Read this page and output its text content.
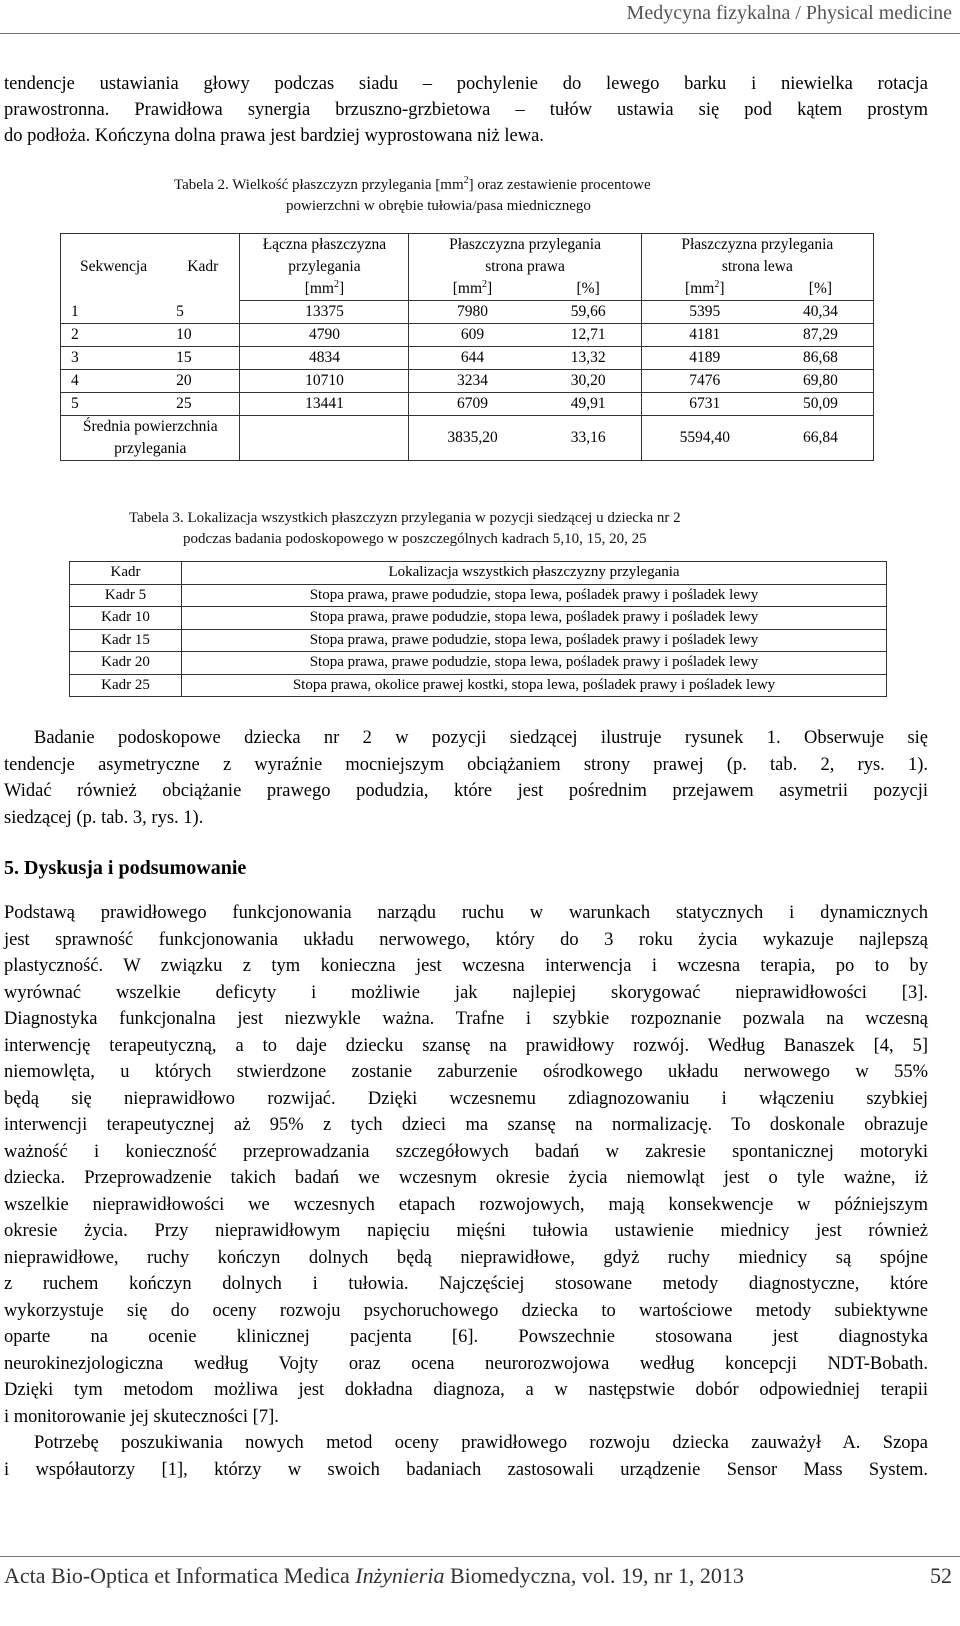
Medycyna fizykalna / Physical medicine
tendencje ustawiania głowy podczas siadu – pochylenie do lewego barku i niewielka rotacja
prawostronna. Prawidłowa synergia brzuszno-grzbietowa – tułów ustawia się pod kątem prostym
do podłoża. Kończyna dolna prawa jest bardziej wyprostowana niż lewa.
Tabela 2. Wielkość płaszczyzn przylegania $[mm^2]$ oraz zestawienie procentowe
powierzchni w obrębie tułowia/pasa miednicznego
Sekwencja	Kadr	Łączna płaszczyzna	Płaszczyzna przylegania		Płaszczyzna przylegania	
		przylegania	strona prawa		strona lewa	
		$[mm^2]$	$[mm^2]$	[%]	$[mm^2]$	[%]
1	5	13375	7980	59,66	5395	40,34
2	10	4790	609	12,71	4181	87,29
3	15	4834	644	13,32	4189	86,68
4	20	10710	3234	30,20	7476	69,80
5	25	13441	6709	49,91	6731	50,09

Średnia powierzchnia
przylegania			3835,20	33,16	5594,40	66,84
Tabela 3. Lokalizacja wszystkich płaszczyzn przylegania w pozycji siedzącej u dziecka nr 2
podczas badania podoskopowego w poszczególnych kadrach 5,10, 15, 20, 25
Kadr	Lokalizacja wszystkich płaszczyzny przylegania
Kadr 5	Stopa prawa, prawe podudzie, stopa lewa, pośladek prawy i pośladek lewy
Kadr 10	Stopa prawa, prawe podudzie, stopa lewa, pośladek prawy i pośladek lewy
Kadr 15	Stopa prawa, prawe podudzie, stopa lewa, pośladek prawy i pośladek lewy
Kadr 20	Stopa prawa, prawe podudzie, stopa lewa, pośladek prawy i pośladek lewy
Kadr 25	Stopa prawa, okolice prawej kostki, stopa lewa, pośladek prawy i pośladek lewy
Badanie podoskopowe dziecka nr 2 w pozycji siedzącej ilustruje rysunek 1. Obserwuje się
tendencje asymetryczne z wyraźnie mocniejszym obciążaniem strony prawej (p. tab. 2, rys. 1).
Widać również obciążanie prawego podudzia, które jest pośrednim przejawem asymetrii pozycji
siedzącej (p. tab. 3, rys. 1).
5. Dyskusja i podsumowanie
Podstawą prawidłowego funkcjonowania narządu ruchu w warunkach statycznych i dynamicznych
jest sprawność funkcjonowania układu nerwowego, który do 3 roku życia wykazuje najlepszą
plastyczność. W związku z tym konieczna jest wczesna interwencja i wczesna terapia, po to by
wyrównać wszelkie deficyty i możliwie jak najlepiej skorygować nieprawidłowości [3].
Diagnostyka funkcjonalna jest niezwykle ważna. Trafne i szybkie rozpoznanie pozwala na wczesną
interwencję terapeutyczną, a to daje dziecku szansę na prawidłowy rozwój. Według Banaszek [4, 5]
niemowlęta, u których stwierdzone zostanie zaburzenie ośrodkowego układu nerwowego w 55%
będą się nieprawidłowo rozwijać. Dzięki wczesnemu zdiagnozowaniu i włączeniu szybkiej
interwencji terapeutycznej aż 95% z tych dzieci ma szansę na normalizację. To doskonale obrazuje
ważność i konieczność przeprowadzania szczegółowych badań w zakresie spontanicznej motoryki
dziecka. Przeprowadzenie takich badań we wczesnym okresie życia niemowląt jest o tyle ważne, iż
wszelkie nieprawidłowości we wczesnych etapach rozwojowych, mają konsekwencje w późniejszym
okresie życia. Przy nieprawidłowym napięciu mięśni tułowia ustawienie miednicy jest również
nieprawidłowe, ruchy kończyn dolnych będą nieprawidłowe, gdyż ruchy miednicy są spójne
z ruchem kończyn dolnych i tułowia. Najczęściej stosowane metody diagnostyczne, które
wykorzystuje się do oceny rozwoju psychoruchowego dziecka to wartościowe metody subiektywne
oparte na ocenie klinicznej pacjenta [6]. Powszechnie stosowana jest diagnostyka
neurokinezjologiczna według Vojty oraz ocena neurorozwojowa według koncepcji NDT-Bobath.
Dzięki tym metodom możliwa jest dokładna diagnoza, a w następstwie dobór odpowiedniej terapii
i monitorowanie jej skuteczności [7].
Potrzebę poszukiwania nowych metod oceny prawidłowego rozwoju dziecka zauważył A. Szopa
i współautorzy [1], którzy w swoich badaniach zastosowali urządzenie Sensor Mass System.
Acta Bio-Optica et Informatica Medica Inżynieria Biomedyczna, vol. 19, nr 1, 2013	52
